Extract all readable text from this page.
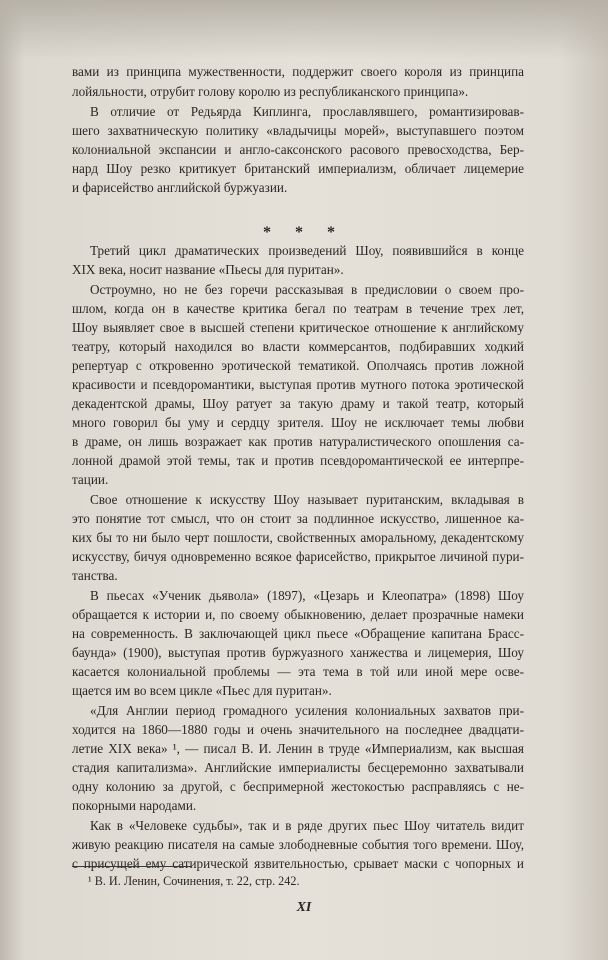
вами из принципа мужественности, поддержит своего короля из принципа
лойяльности, отрубит голову королю из республиканского принципа».
В отличие от Редьярда Киплинга, прославлявшего, романтизировав-
шего захватническую политику «владычицы морей», выступавшего поэтом
колониальной экспансии и англо-саксонского расового превосходства, Бер-
нард Шоу резко критикует британский империализм, обличает лицемерие
и фарисейство английской буржуазии.
Третий цикл драматических произведений Шоу, появившийся в конце
XIX века, носит название «Пьесы для пуритан».
Остроумно, но не без горечи рассказывая в предисловии о своем про-
шлом, когда он в качестве критика бегал по театрам в течение трех лет,
Шоу выявляет свое в высшей степени критическое отношение к английскому
театру, который находился во власти коммерсантов, подбиравших ходкий
репертуар с откровенно эротической тематикой. Ополчаясь против ложной
красивости и псевдоромантики, выступая против мутного потока эротической
декадентской драмы, Шоу ратует за такую драму и такой театр, который
много говорил бы уму и сердцу зрителя. Шоу не исключает темы любви
в драме, он лишь возражает как против натуралистического опошления са-
лонной драмой этой темы, так и против псевдоромантической ее интерпре-
тации.
Свое отношение к искусству Шоу называет пуританским, вкладывая в
это понятие тот смысл, что он стоит за подлинное искусство, лишенное ка-
ких бы то ни было черт пошлости, свойственных аморальному, декадентскому
искусству, бичуя одновременно всякое фарисейство, прикрытое личиной пури-
танства.
В пьесах «Ученик дьявола» (1897), «Цезарь и Клеопатра» (1898) Шоу
обращается к истории и, по своему обыкновению, делает прозрачные намеки
на современность. В заключающей цикл пьесе «Обращение капитана Брасс-
баунда» (1900), выступая против буржуазного ханжества и лицемерия, Шоу
касается колониальной проблемы — эта тема в той или иной мере осве-
щается им во всем цикле «Пьес для пуритан».
«Для Англии период громадного усиления колониальных захватов при-
ходится на 1860—1880 годы и очень значительного на последнее двадцати-
летие XIX века» ¹, — писал В. И. Ленин в труде «Империализм, как высшая
стадия капитализма». Английские империалисты бесцеремонно захватывали
одну колонию за другой, с беспримерной жестокостью расправляясь с не-
покорными народами.
Как в «Человеке судьбы», так и в ряде других пьес Шоу читатель видит
живую реакцию писателя на самые злободневные события того времени. Шоу,
с присущей ему сатирической язвительностью, срывает маски с чопорных и
* * *
¹ В. И. Ленин, Сочинения, т. 22, стр. 242.
XI
